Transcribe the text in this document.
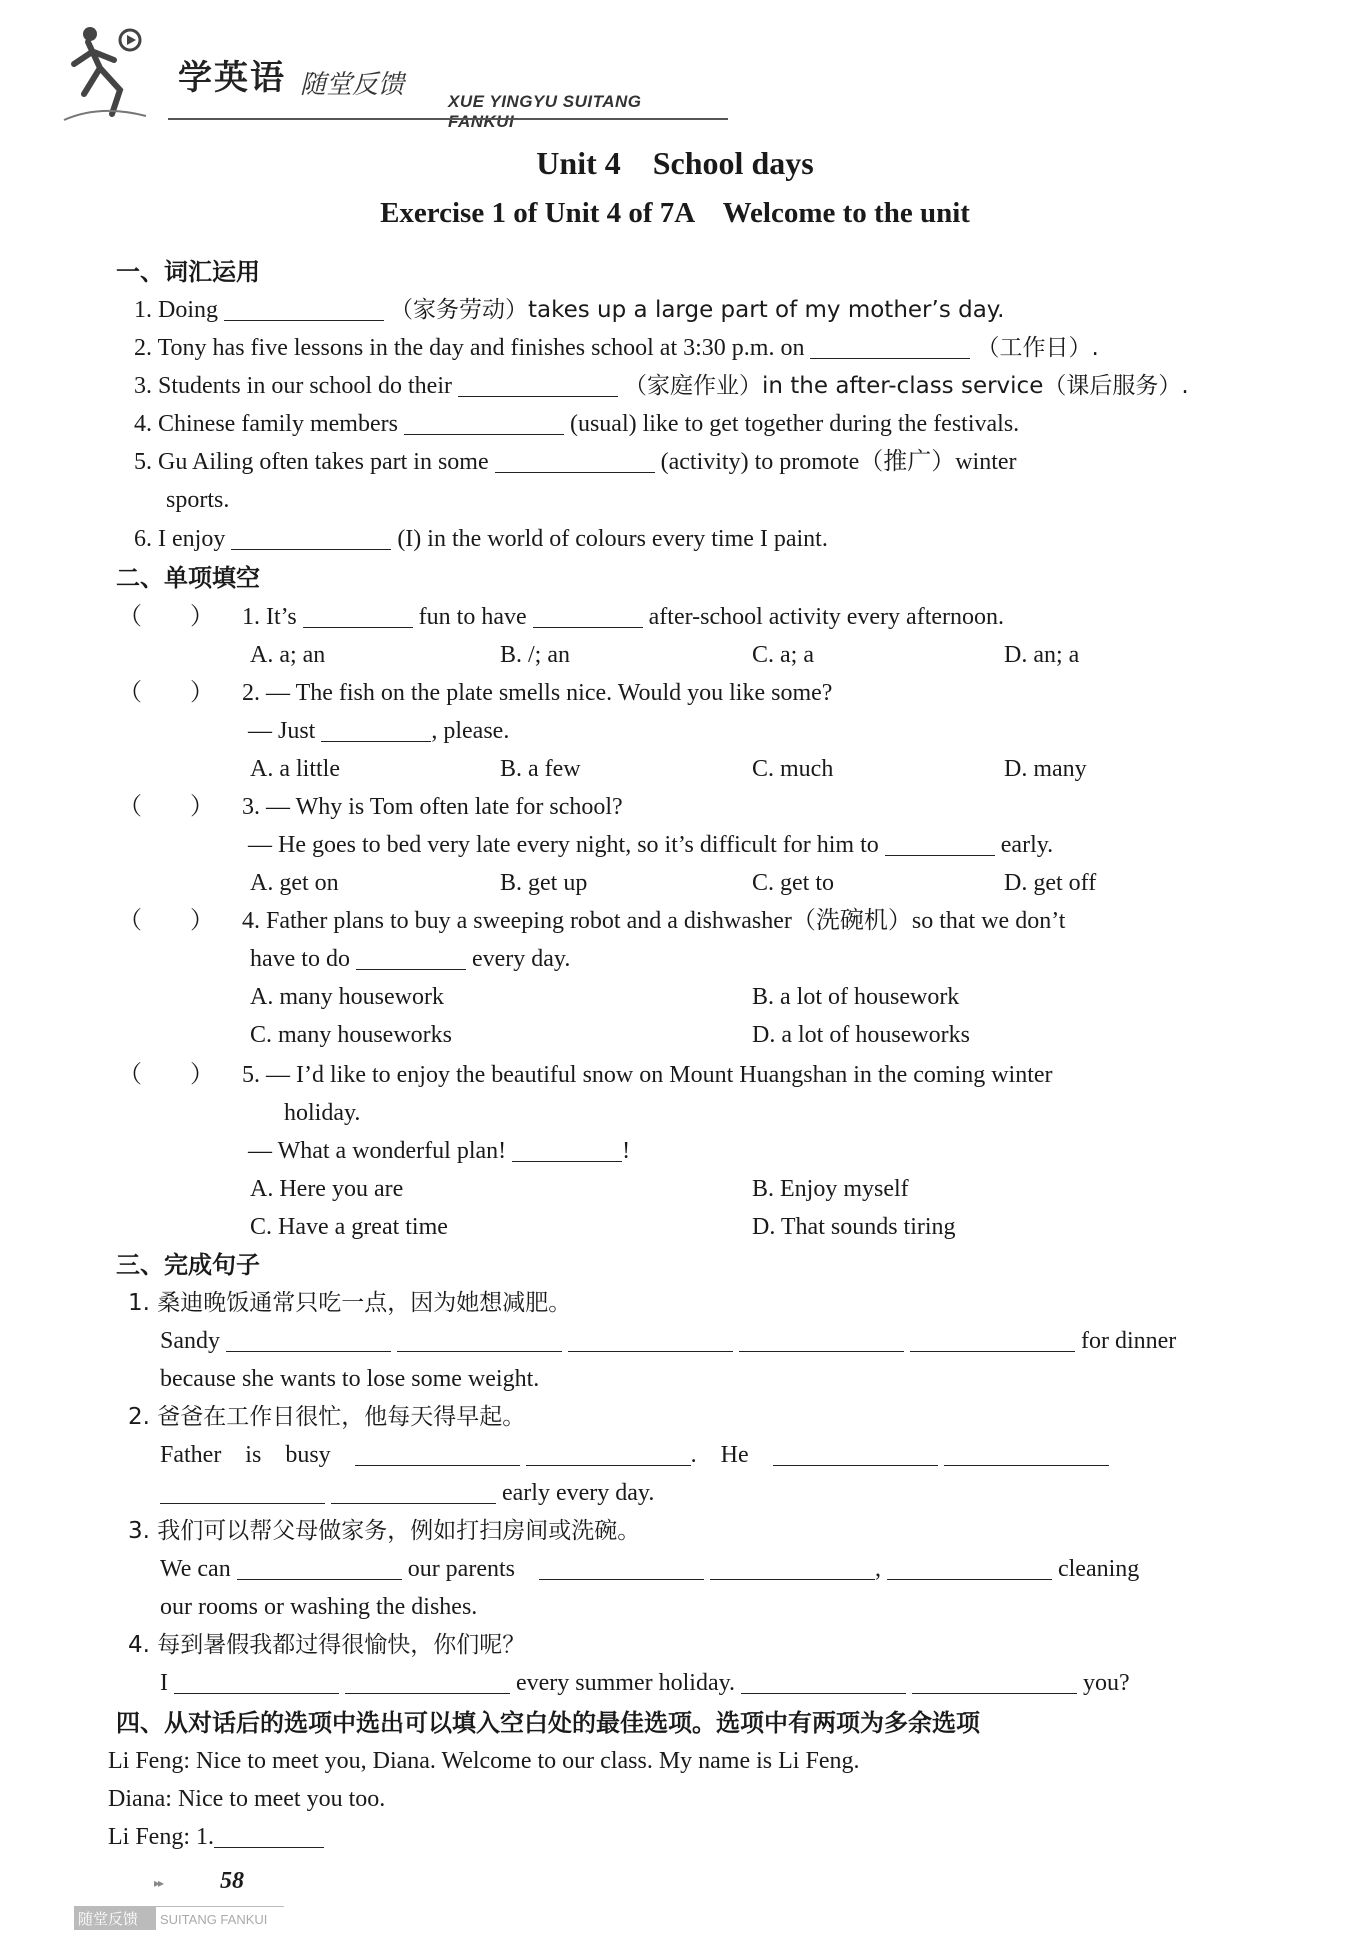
学英语 随堂反馈
XUE YINGYU SUITANG FANKUI
Unit 4　School days
Exercise 1 of Unit 4 of 7A　Welcome to the unit
一、词汇运用
1. Doing	（家务劳动）takes up a large part of my mother’s day.
2. Tony has five lessons in the day and finishes school at 3:30 p.m. on	（工作日）.
3. Students in our school do their	（家庭作业）in the after-class service（课后服务）.
4. Chinese family members	(usual) like to get together during the festivals.
5. Gu Ailing often takes part in some	(activity) to promote（推广）winter
sports.
6. I enjoy	(I) in the world of colours every time I paint.
二、单项填空
（　　） 1. It’s	fun to have	after-school activity every afternoon.
A. a; an	B. /; an	C. a; a	D. an; a
（　　） 2. — The fish on the plate smells nice. Would you like some?
— Just	, please.
A. a little	B. a few	C. much	D. many
（　　） 3. — Why is Tom often late for school?
— He goes to bed very late every night, so it’s difficult for him to	early.
A. get on	B. get up	C. get to	D. get off
（　　） 4. Father plans to buy a sweeping robot and a dishwasher（洗碗机）so that we don’t
have to do	every day.
A. many housework	B. a lot of housework
C. many houseworks	D. a lot of houseworks
（　　） 5. — I’d like to enjoy the beautiful snow on Mount Huangshan in the coming winter
holiday.
— What a wonderful plan!	!
A. Here you are	B. Enjoy myself
C. Have a great time	D. That sounds tiring
三、完成句子
1. 桑迪晚饭通常只吃一点，因为她想减肥。
Sandy	for dinner
because she wants to lose some weight.
2. 爸爸在工作日很忙，他每天得早起。
Father　is　busy　	.　He　
early every day.
3. 我们可以帮父母做家务，例如打扫房间或洗碗。
We can	our parents　	,	cleaning
our rooms or washing the dishes.
4. 每到暑假我都过得很愉快，你们呢？
I	every summer holiday.	you?
四、从对话后的选项中选出可以填入空白处的最佳选项。选项中有两项为多余选项
Li Feng: Nice to meet you, Diana. Welcome to our class. My name is Li Feng.
Diana: Nice to meet you too.
Li Feng: 1.
▸▸ 58
随堂反馈 SUITANG FANKUI
